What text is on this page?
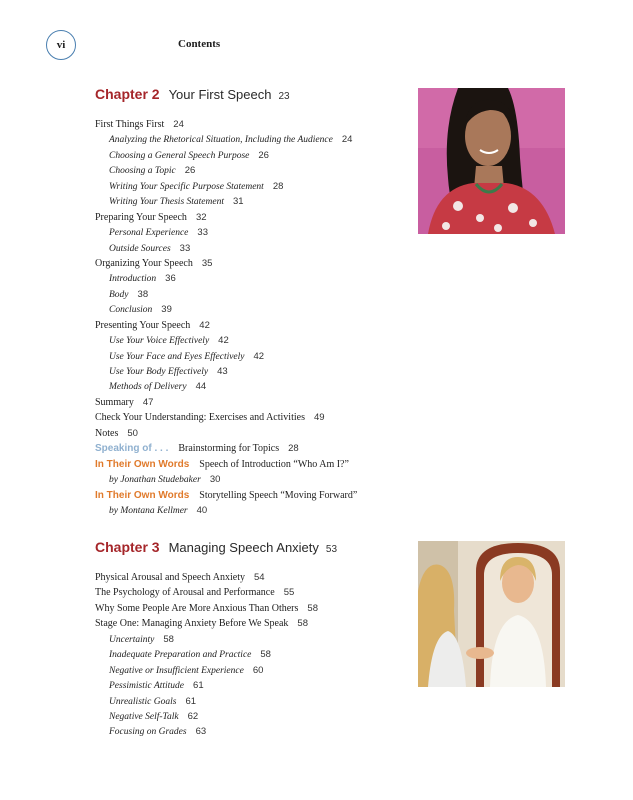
vi	Contents
Chapter 2 Your First Speech 23
First Things First 24
Analyzing the Rhetorical Situation, Including the Audience 24
Choosing a General Speech Purpose 26
Choosing a Topic 26
Writing Your Specific Purpose Statement 28
Writing Your Thesis Statement 31
Preparing Your Speech 32
Personal Experience 33
Outside Sources 33
Organizing Your Speech 35
Introduction 36
Body 38
Conclusion 39
Presenting Your Speech 42
Use Your Voice Effectively 42
Use Your Face and Eyes Effectively 42
Use Your Body Effectively 43
Methods of Delivery 44
Summary 47
Check Your Understanding: Exercises and Activities 49
Notes 50
Speaking of . . . Brainstorming for Topics 28
In Their Own Words Speech of Introduction “Who Am I?”
by Jonathan Studebaker 30
In Their Own Words Storytelling Speech “Moving Forward”
by Montana Kellmer 40
Chapter 3 Managing Speech Anxiety 53
Physical Arousal and Speech Anxiety 54
The Psychology of Arousal and Performance 55
Why Some People Are More Anxious Than Others 58
Stage One: Managing Anxiety Before We Speak 58
Uncertainty 58
Inadequate Preparation and Practice 58
Negative or Insufficient Experience 60
Pessimistic Attitude 61
Unrealistic Goals 61
Negative Self-Talk 62
Focusing on Grades 63
